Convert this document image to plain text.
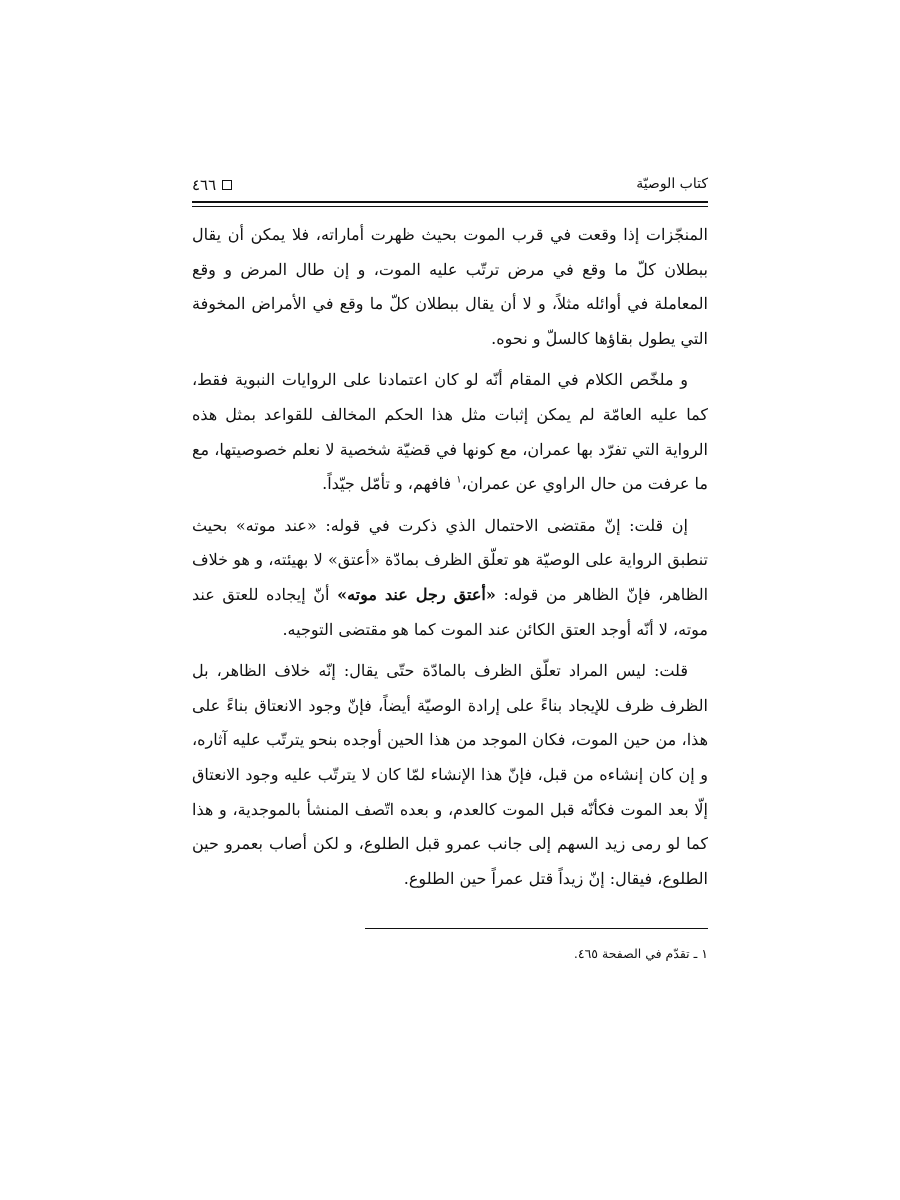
٤٦٦	كتاب الوصيّة

المنجّزات إذا وقعت في قرب الموت بحيث ظهرت أماراته، فلا يمكن أن يقال ببطلان كلّ ما وقع في مرض ترتّب عليه الموت، و إن طال المرض و وقع المعاملة في أوائله مثلاً، و لا أن يقال ببطلان كلّ ما وقع في الأمراض المخوفة التي يطول بقاؤها كالسلّ و نحوه.

و ملخّص الكلام في المقام أنّه لو كان اعتمادنا على الروايات النبوية فقط، كما عليه العامّة لم يمكن إثبات مثل هذا الحكم المخالف للقواعد بمثل هذه الرواية التي تفرّد بها عمران، مع كونها في قضيّة شخصية لا نعلم خصوصيتها، مع ما عرفت من حال الراوي عن عمران،$^١$ فافهم، و تأمّل جيّداً.

إن قلت: إنّ مقتضى الاحتمال الذي ذكرت في قوله: «عند موته» بحيث تنطبق الرواية على الوصيّة هو تعلّق الظرف بمادّة «أعتق» لا بهيئته، و هو خلاف الظاهر، فإنّ الظاهر من قوله: «أعتق رجل عند موته» أنّ إيجاده للعتق عند موته، لا أنّه أوجد العتق الكائن عند الموت كما هو مقتضى التوجيه.

قلت: ليس المراد تعلّق الظرف بالمادّة حتّى يقال: إنّه خلاف الظاهر، بل الظرف ظرف للإيجاد بناءً على إرادة الوصيّة أيضاً، فإنّ وجود الانعتاق بناءً على هذا، من حين الموت، فكان الموجد من هذا الحين أوجده بنحو يترتّب عليه آثاره، و إن كان إنشاءه من قبل، فإنّ هذا الإنشاء لمّا كان لا يترتّب عليه وجود الانعتاق إلّا بعد الموت فكأنّه قبل الموت كالعدم، و بعده اتّصف المنشأ بالموجدية، و هذا كما لو رمى زيد السهم إلى جانب عمرو قبل الطلوع، و لكن أصاب بعمرو حين الطلوع، فيقال: إنّ زيداً قتل عمراً حين الطلوع.

١ ـ تقدّم في الصفحة ٤٦٥.
